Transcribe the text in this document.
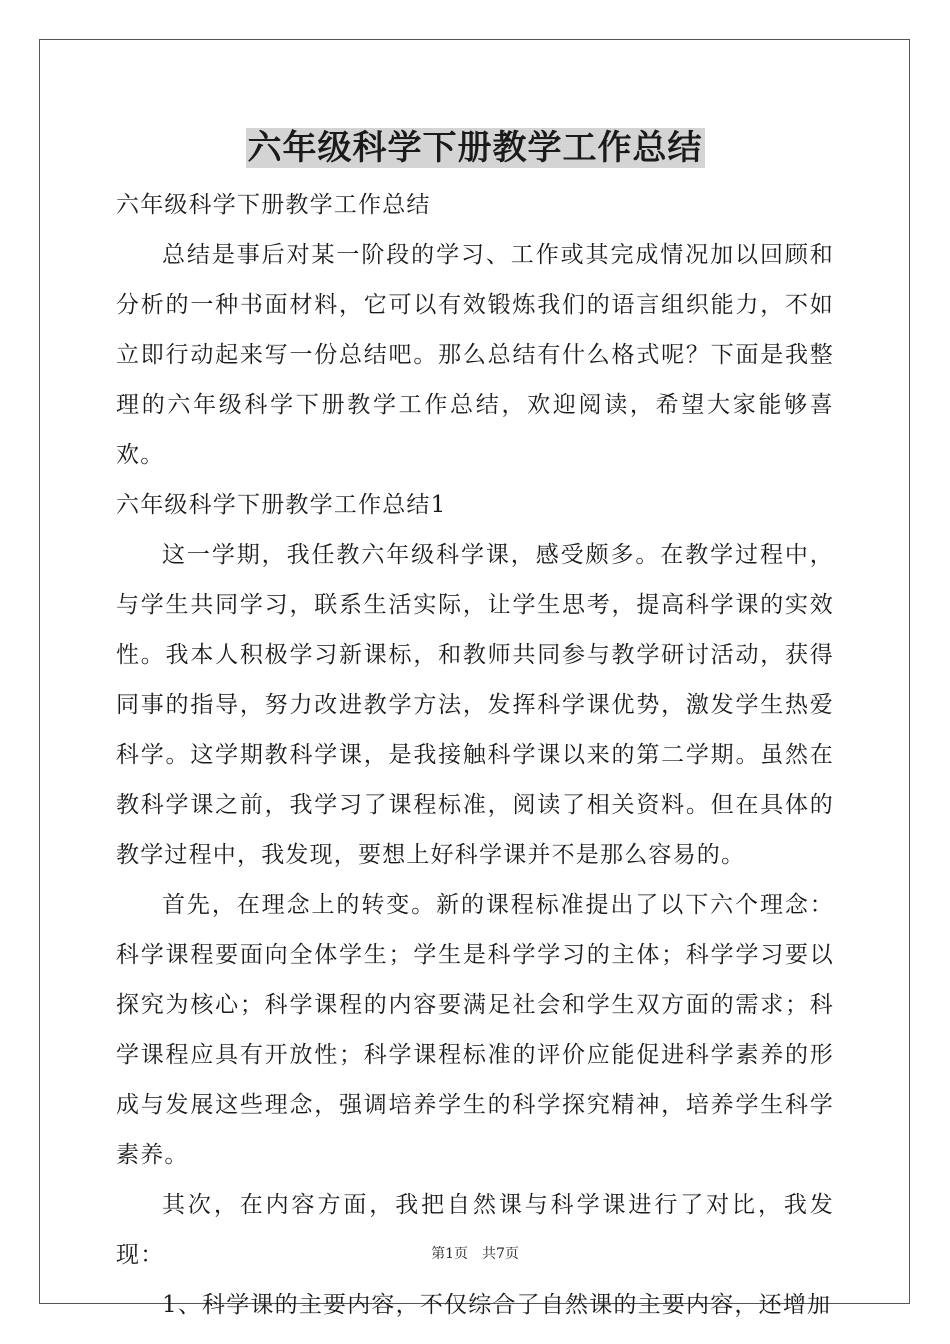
六年级科学下册教学工作总结
六年级科学下册教学工作总结

总结是事后对某一阶段的学习、工作或其完成情况加以回顾和分析的一种书面材料，它可以有效锻炼我们的语言组织能力，不如立即行动起来写一份总结吧。那么总结有什么格式呢？下面是我整理的六年级科学下册教学工作总结，欢迎阅读，希望大家能够喜欢。

六年级科学下册教学工作总结1

这一学期，我任教六年级科学课，感受颇多。在教学过程中，与学生共同学习，联系生活实际，让学生思考，提高科学课的实效性。我本人积极学习新课标，和教师共同参与教学研讨活动，获得同事的指导，努力改进教学方法，发挥科学课优势，激发学生热爱科学。这学期教科学课，是我接触科学课以来的第二学期。虽然在教科学课之前，我学习了课程标准，阅读了相关资料。但在具体的教学过程中，我发现，要想上好科学课并不是那么容易的。

首先，在理念上的转变。新的课程标准提出了以下六个理念：科学课程要面向全体学生；学生是科学学习的主体；科学学习要以探究为核心；科学课程的内容要满足社会和学生双方面的需求；科学课程应具有开放性；科学课程标准的评价应能促进科学素养的形成与发展这些理念，强调培养学生的科学探究精神，培养学生科学素养。

其次，在内容方面，我把自然课与科学课进行了对比，我发现：

1、科学课的主要内容，不仅综合了自然课的主要内容，还增加

第1页 共7页
